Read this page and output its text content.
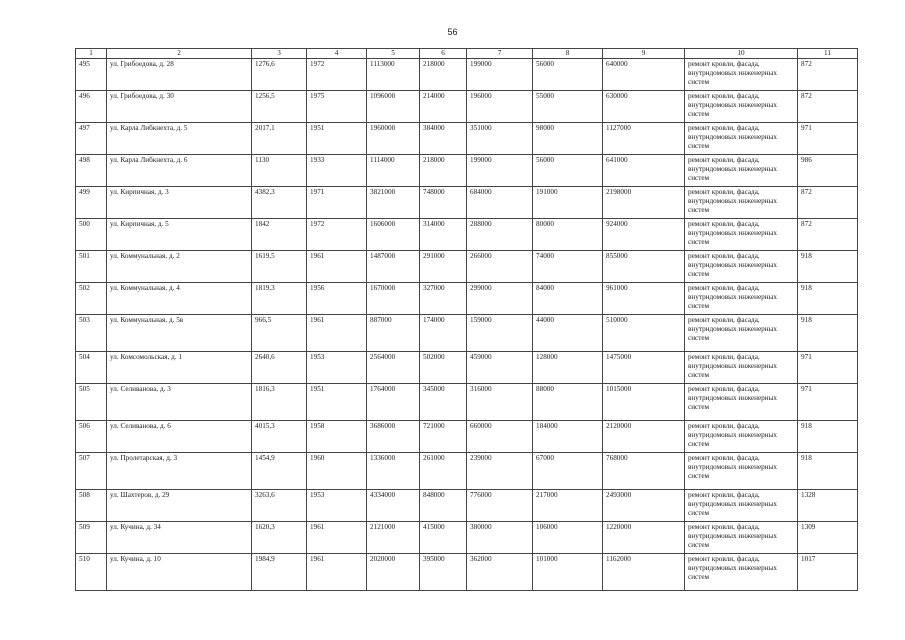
56
1	2	3	4	5	6	7	8	9	10	11
495	ул. Грибоедова, д. 28	1276,6	1972	1113000	218000	199000	56000	640000	ремонт кровли, фасада, внутридомовых инженерных систем	872
496	ул. Грибоедова, д. 30	1256,5	1975	1096000	214000	196000	55000	630000	ремонт кровли, фасада, внутридомовых инженерных систем	872
497	ул. Карла Либкнехта, д. 5	2017,1	1951	1960000	384000	351000	98000	1127000	ремонт кровли, фасада, внутридомовых инженерных систем	971
498	ул. Карла Либкнехта, д. 6	1130	1933	1114000	218000	199000	56000	641000	ремонт кровли, фасада, внутридомовых инженерных систем	986
499	ул. Кирпичная, д. 3	4382,3	1971	3821000	748000	684000	191000	2198000	ремонт кровли, фасада, внутридомовых инженерных систем	872
500	ул. Кирпичная, д. 5	1842	1972	1606000	314000	288000	80000	924000	ремонт кровли, фасада, внутридомовых инженерных систем	872
501	ул. Коммунальная, д. 2	1619,5	1961	1487000	291000	266000	74000	855000	ремонт кровли, фасада, внутридомовых инженерных систем	918
502	ул. Коммунальная, д. 4	1819,3	1956	1670000	327000	299000	84000	961000	ремонт кровли, фасада, внутридомовых инженерных систем	918
503	ул. Коммунальная, д. 5в	966,5	1961	887000	174000	159000	44000	510000	ремонт кровли, фасада, внутридомовых инженерных систем	918
504	ул. Комсомольская, д. 1	2640,6	1953	2564000	502000	459000	128000	1475000	ремонт кровли, фасада, внутридомовых инженерных систем	971
505	ул. Селиванова, д. 3	1816,3	1951	1764000	345000	316000	88000	1015000	ремонт кровли, фасада, внутридомовых инженерных систем	971
506	ул. Селиванова, д. 6	4015,3	1958	3686000	721000	660000	184000	2120000	ремонт кровли, фасада, внутридомовых инженерных систем	918
507	ул. Пролетарская, д. 3	1454,9	1960	1336000	261000	239000	67000	768000	ремонт кровли, фасада, внутридомовых инженерных систем	918
508	ул. Шахтеров, д. 29	3263,6	1953	4334000	848000	776000	217000	2493000	ремонт кровли, фасада, внутридомовых инженерных систем	1328
509	ул. Кучина, д. 34	1620,3	1961	2121000	415000	380000	106000	1220000	ремонт кровли, фасада, внутридомовых инженерных систем	1309
510	ул. Кучина, д. 10	1984,9	1961	2020000	395000	362000	101000	1162000	ремонт кровли, фасада, внутридомовых инженерных систем	1017
